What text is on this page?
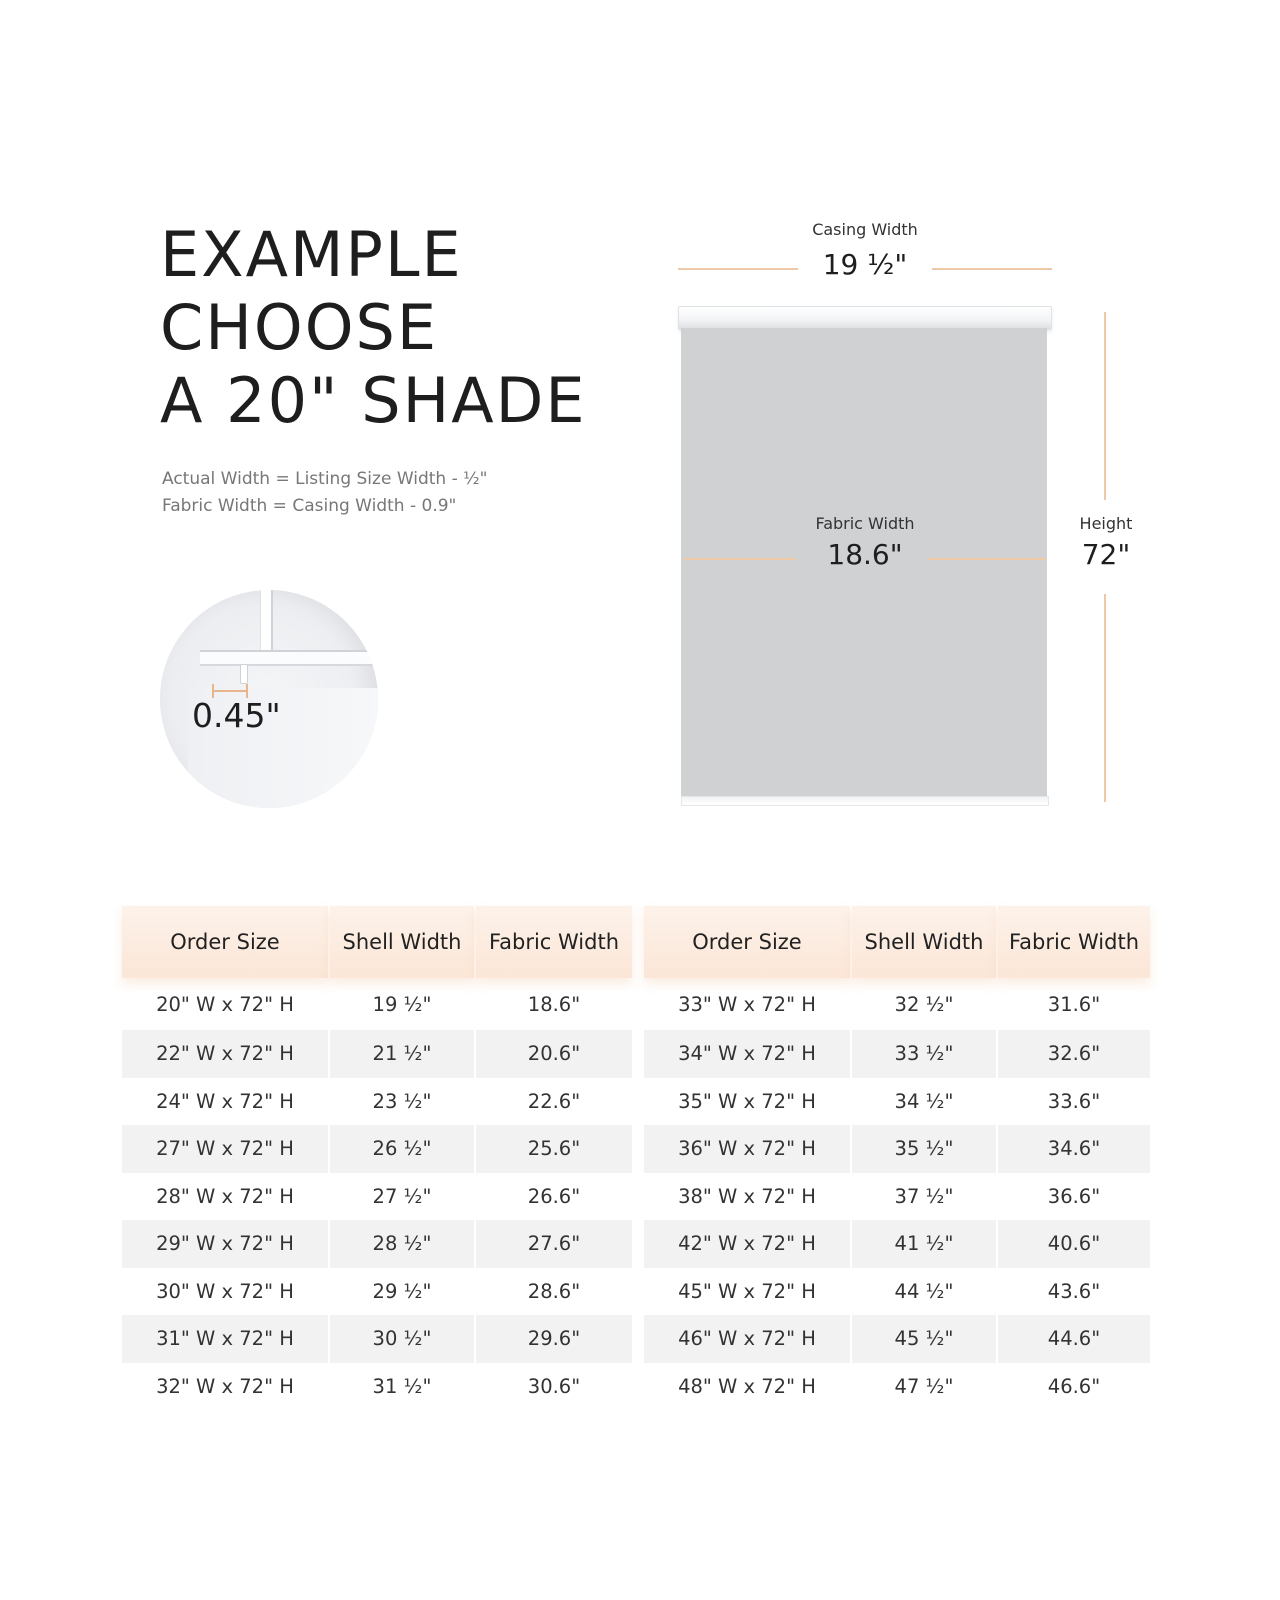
EXAMPLE
CHOOSE
A 20" SHADE
Actual Width = Listing Size Width - ½"
Fabric Width = Casing Width - 0.9"
0.45"
Casing Width
19 ½"
Fabric Width
18.6"
Height
72"
Order Size	Shell Width	Fabric Width
20" W x 72" H	19 ½"	18.6"
22" W x 72" H	21 ½"	20.6"
24" W x 72" H	23 ½"	22.6"
27" W x 72" H	26 ½"	25.6"
28" W x 72" H	27 ½"	26.6"
29" W x 72" H	28 ½"	27.6"
30" W x 72" H	29 ½"	28.6"
31" W x 72" H	30 ½"	29.6"
32" W x 72" H	31 ½"	30.6"
Order Size	Shell Width	Fabric Width
33" W x 72" H	32 ½"	31.6"
34" W x 72" H	33 ½"	32.6"
35" W x 72" H	34 ½"	33.6"
36" W x 72" H	35 ½"	34.6"
38" W x 72" H	37 ½"	36.6"
42" W x 72" H	41 ½"	40.6"
45" W x 72" H	44 ½"	43.6"
46" W x 72" H	45 ½"	44.6"
48" W x 72" H	47 ½"	46.6"
